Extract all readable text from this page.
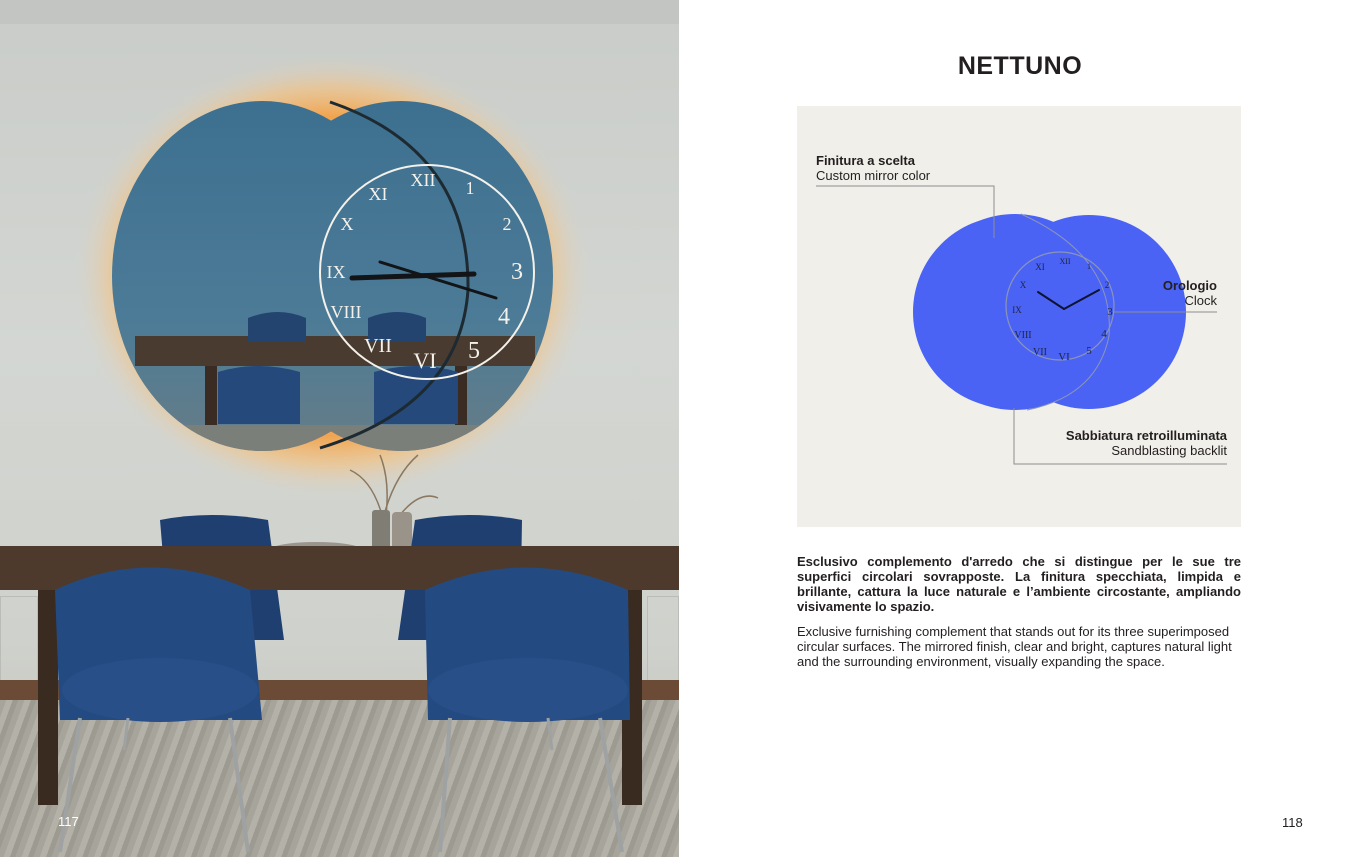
XII 1
2
3
4
5
VI
VII
VIII
IX
X
XI
117
NETTUNO
XII
1
2
3
4
5
VI
VII
VIII
IX
X
XI
Finitura a scelta
Custom mirror color
Orologio
Clock
Sabbiatura retroilluminata
Sandblasting backlit
Esclusivo complemento d'arredo che si distingue per le sue tre superfici circolari sovrapposte. La finitura specchiata, limpida e brillante, cattura la luce naturale e l’ambiente circostante, ampliando visivamente lo spazio.
Exclusive furnishing complement that stands out for its three superimposed circular surfaces. The mirrored finish, clear and bright, captures natural light and the surrounding environment, visually expanding the space.
118
